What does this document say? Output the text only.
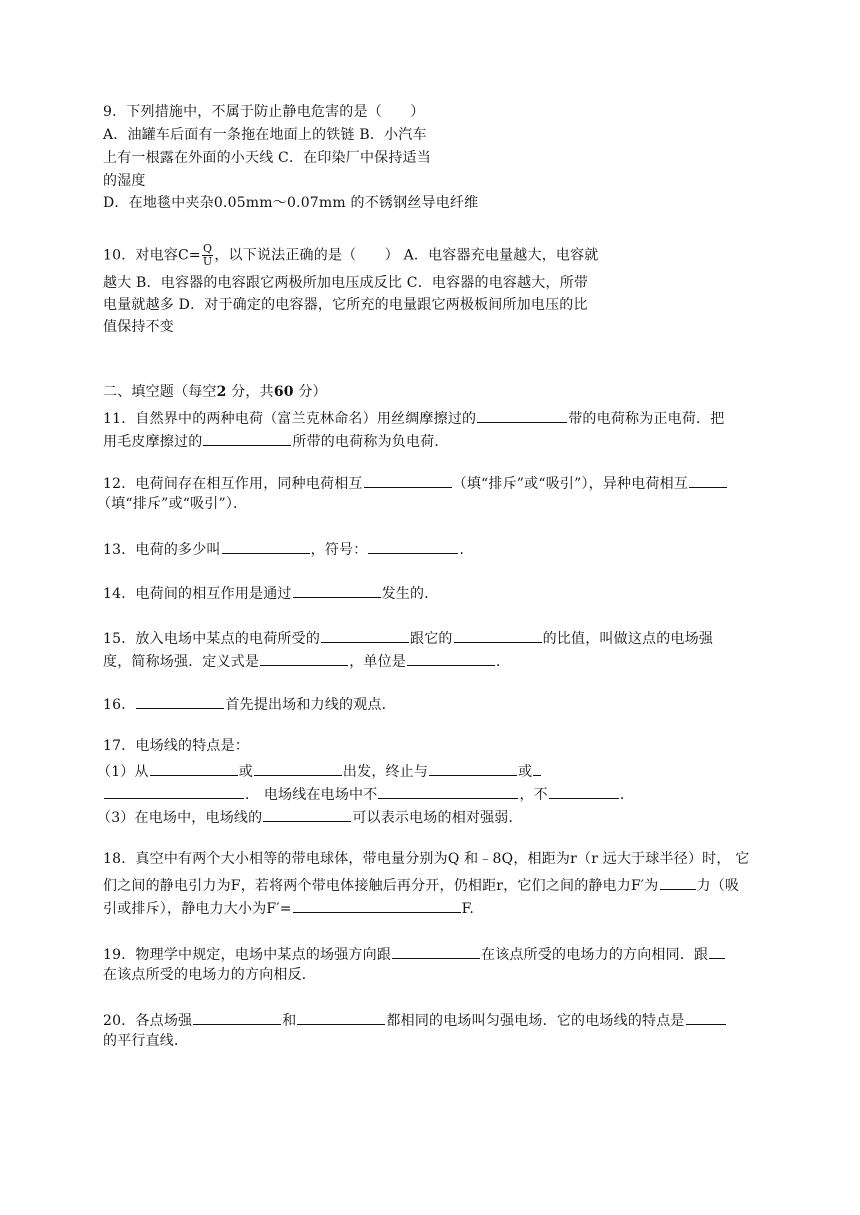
9．下列措施中，不属于防止静电危害的是（　　）
A．油罐车后面有一条拖在地面上的铁链 B．小汽车
上有一根露在外面的小天线 C．在印染厂中保持适当
的湿度
D．在地毯中夹杂0.05mm～0.07mm 的不锈钢丝导电纤维
10．对电容$C= \frac{Q}{U}$ ，以下说法正确的是（　　） A．电容器充电量越大，电容就
越大 B．电容器的电容跟它两极所加电压成反比 C．电容器的电容越大，所带
电量就越多 D．对于确定的电容器，它所充的电量跟它两极板间所加电压的比
值保持不变
二、填空题（每空2 分，共60 分）
11．自然界中的两种电荷（富兰克林命名）用丝绸摩擦过的	带的电荷称为正电荷．把
用毛皮摩擦过的	所带的电荷称为负电荷．
12．电荷间存在相互作用，同种电荷相互	（填“排斥”或“吸引”），异种电荷相互
（填“排斥”或“吸引”）．
13．电荷的多少叫	，符号：	．
14．电荷间的相互作用是通过	发生的．
15．放入电场中某点的电荷所受的	跟它的	的比值，叫做这点的电场强
度，简称场强．定义式是	，单位是	．
16．	首先提出场和力线的观点．
17．电场线的特点是：
（1）从	或	出发，终止与	或
． 电场线在电场中不	，不	．
（3）在电场中，电场线的	可以表示电场的相对强弱．
18．真空中有两个大小相等的带电球体，带电量分别为Q 和﹣8Q，相距为r（r 远大于球半径）时， 它
们之间的静电引力为F，若将两个带电体接触后再分开，仍相距r，它们之间的静电力F′为	力（吸
引或排斥），静电力大小为F′=	F.
19．物理学中规定，电场中某点的场强方向跟	在该点所受的电场力的方向相同．跟
在该点所受的电场力的方向相反．
20．各点场强	和	都相同的电场叫匀强电场．它的电场线的特点是
的平行直线．
